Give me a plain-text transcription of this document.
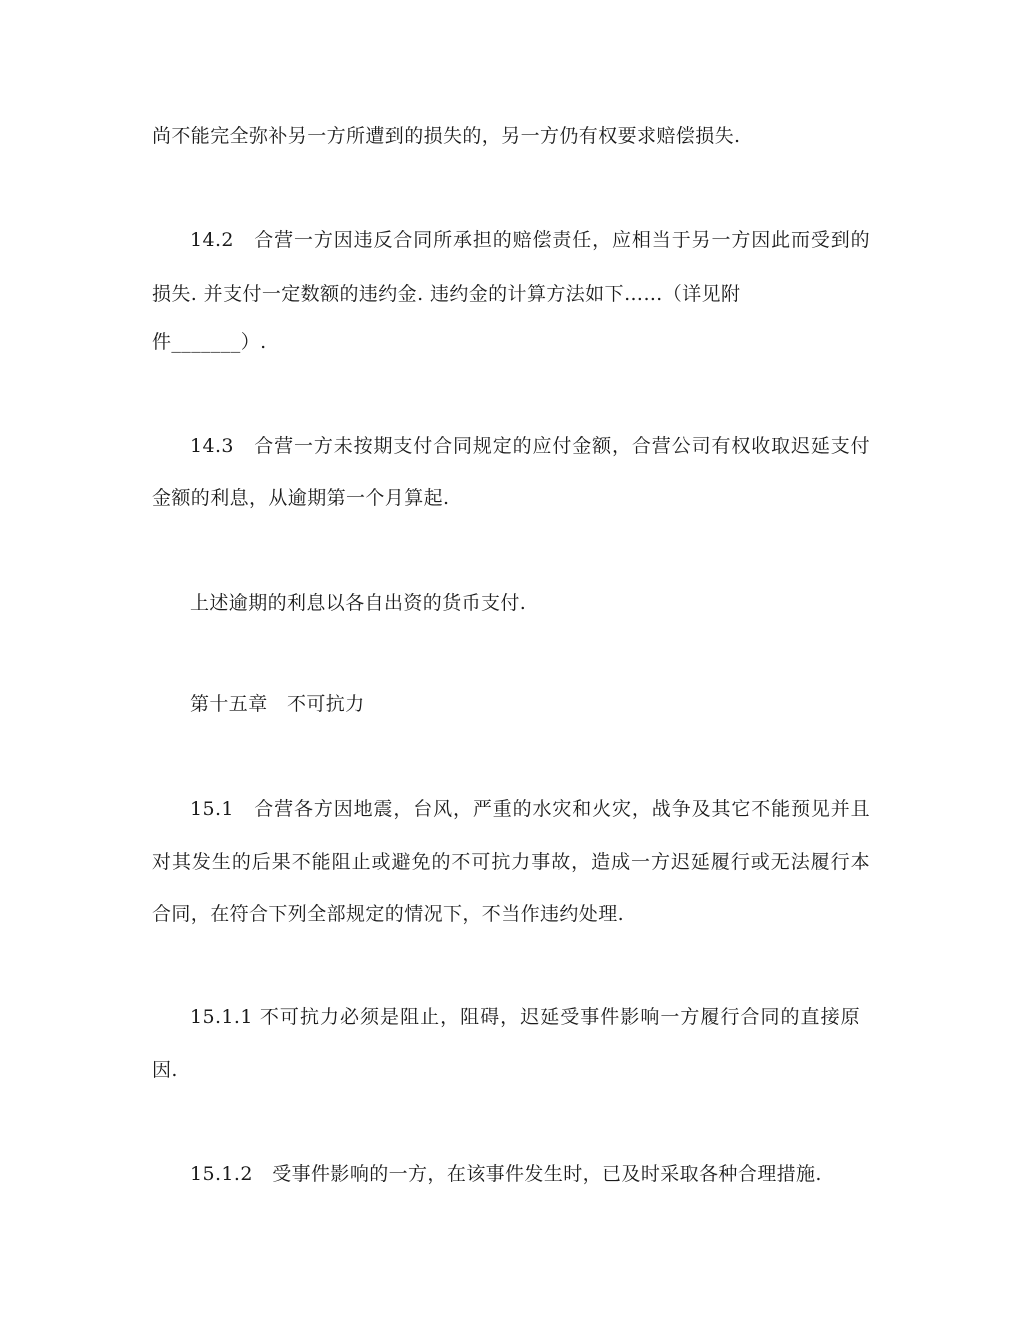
尚不能完全弥补另一方所遭到的损失的，另一方仍有权要求赔偿损失.
14.2　合营一方因违反合同所承担的赔偿责任，应相当于另一方因此而受到的
损失. 并支付一定数额的违约金. 违约金的计算方法如下……（详见附
件_______）.
14.3　合营一方未按期支付合同规定的应付金额，合营公司有权收取迟延支付
金额的利息，从逾期第一个月算起.
上述逾期的利息以各自出资的货币支付.
第十五章　不可抗力
15.1　合营各方因地震，台风，严重的水灾和火灾，战争及其它不能预见并且
对其发生的后果不能阻止或避免的不可抗力事故，造成一方迟延履行或无法履行本
合同，在符合下列全部规定的情况下，不当作违约处理.
15.1.1 不可抗力必须是阻止，阻碍，迟延受事件影响一方履行合同的直接原
因.
15.1.2　受事件影响的一方，在该事件发生时，已及时采取各种合理措施.
